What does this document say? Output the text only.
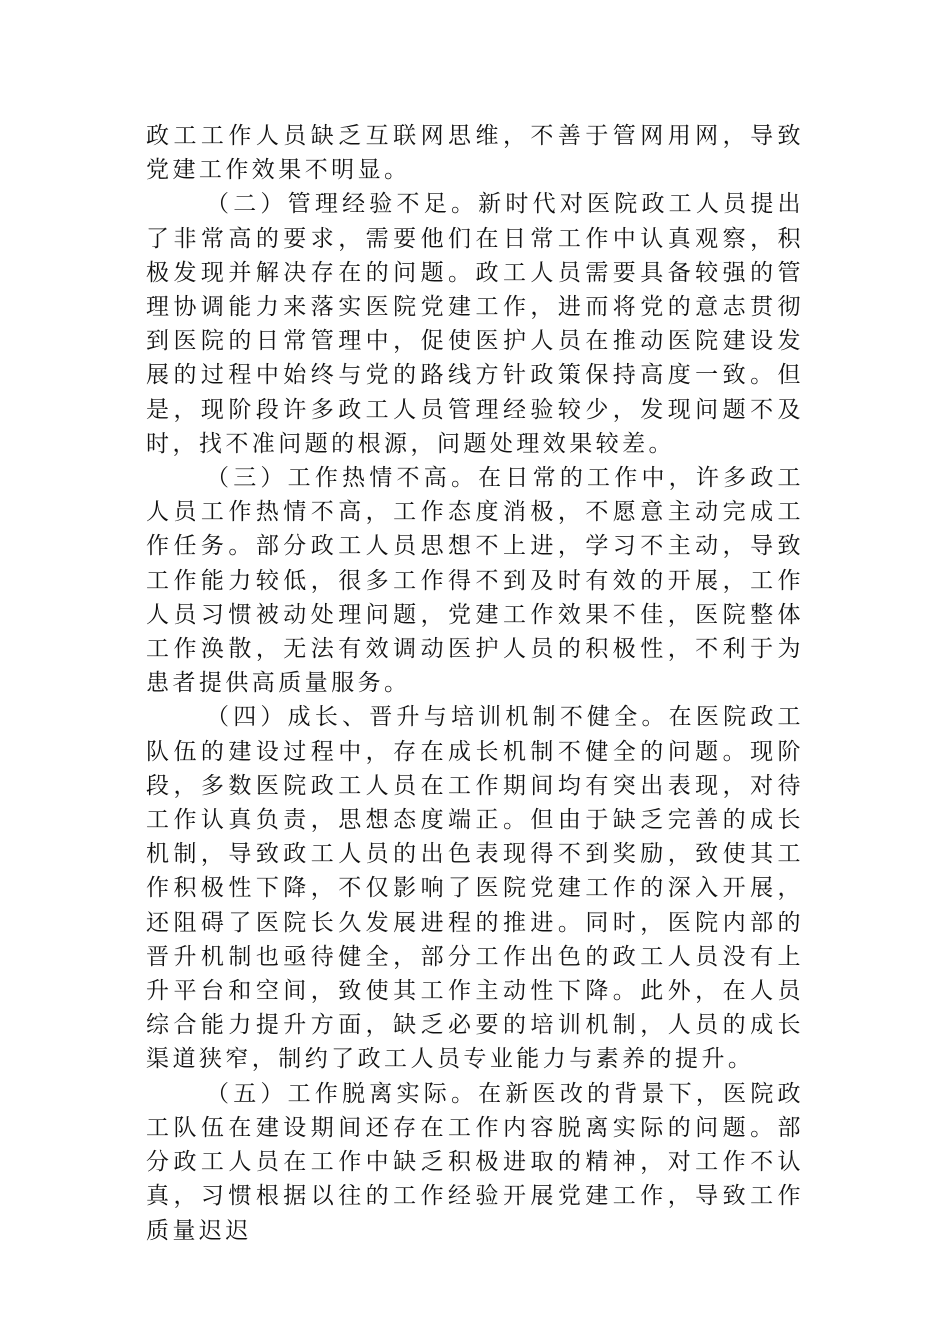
政工工作人员缺乏互联网思维，不善于管网用网，导致党建工作效果不明显。

（二）管理经验不足。新时代对医院政工人员提出了非常高的要求，需要他们在日常工作中认真观察，积极发现并解决存在的问题。政工人员需要具备较强的管理协调能力来落实医院党建工作，进而将党的意志贯彻到医院的日常管理中，促使医护人员在推动医院建设发展的过程中始终与党的路线方针政策保持高度一致。但是，现阶段许多政工人员管理经验较少，发现问题不及时，找不准问题的根源，问题处理效果较差。

（三）工作热情不高。在日常的工作中，许多政工人员工作热情不高，工作态度消极，不愿意主动完成工作任务。部分政工人员思想不上进，学习不主动，导致工作能力较低，很多工作得不到及时有效的开展，工作人员习惯被动处理问题，党建工作效果不佳，医院整体工作涣散，无法有效调动医护人员的积极性，不利于为患者提供高质量服务。

（四）成长、晋升与培训机制不健全。在医院政工队伍的建设过程中，存在成长机制不健全的问题。现阶段，多数医院政工人员在工作期间均有突出表现，对待工作认真负责，思想态度端正。但由于缺乏完善的成长机制，导致政工人员的出色表现得不到奖励，致使其工作积极性下降，不仅影响了医院党建工作的深入开展，还阻碍了医院长久发展进程的推进。同时，医院内部的晋升机制也亟待健全，部分工作出色的政工人员没有上升平台和空间，致使其工作主动性下降。此外，在人员综合能力提升方面，缺乏必要的培训机制，人员的成长渠道狭窄，制约了政工人员专业能力与素养的提升。

（五）工作脱离实际。在新医改的背景下，医院政工队伍在建设期间还存在工作内容脱离实际的问题。部分政工人员在工作中缺乏积极进取的精神，对工作不认真，习惯根据以往的工作经验开展党建工作，导致工作质量迟迟
